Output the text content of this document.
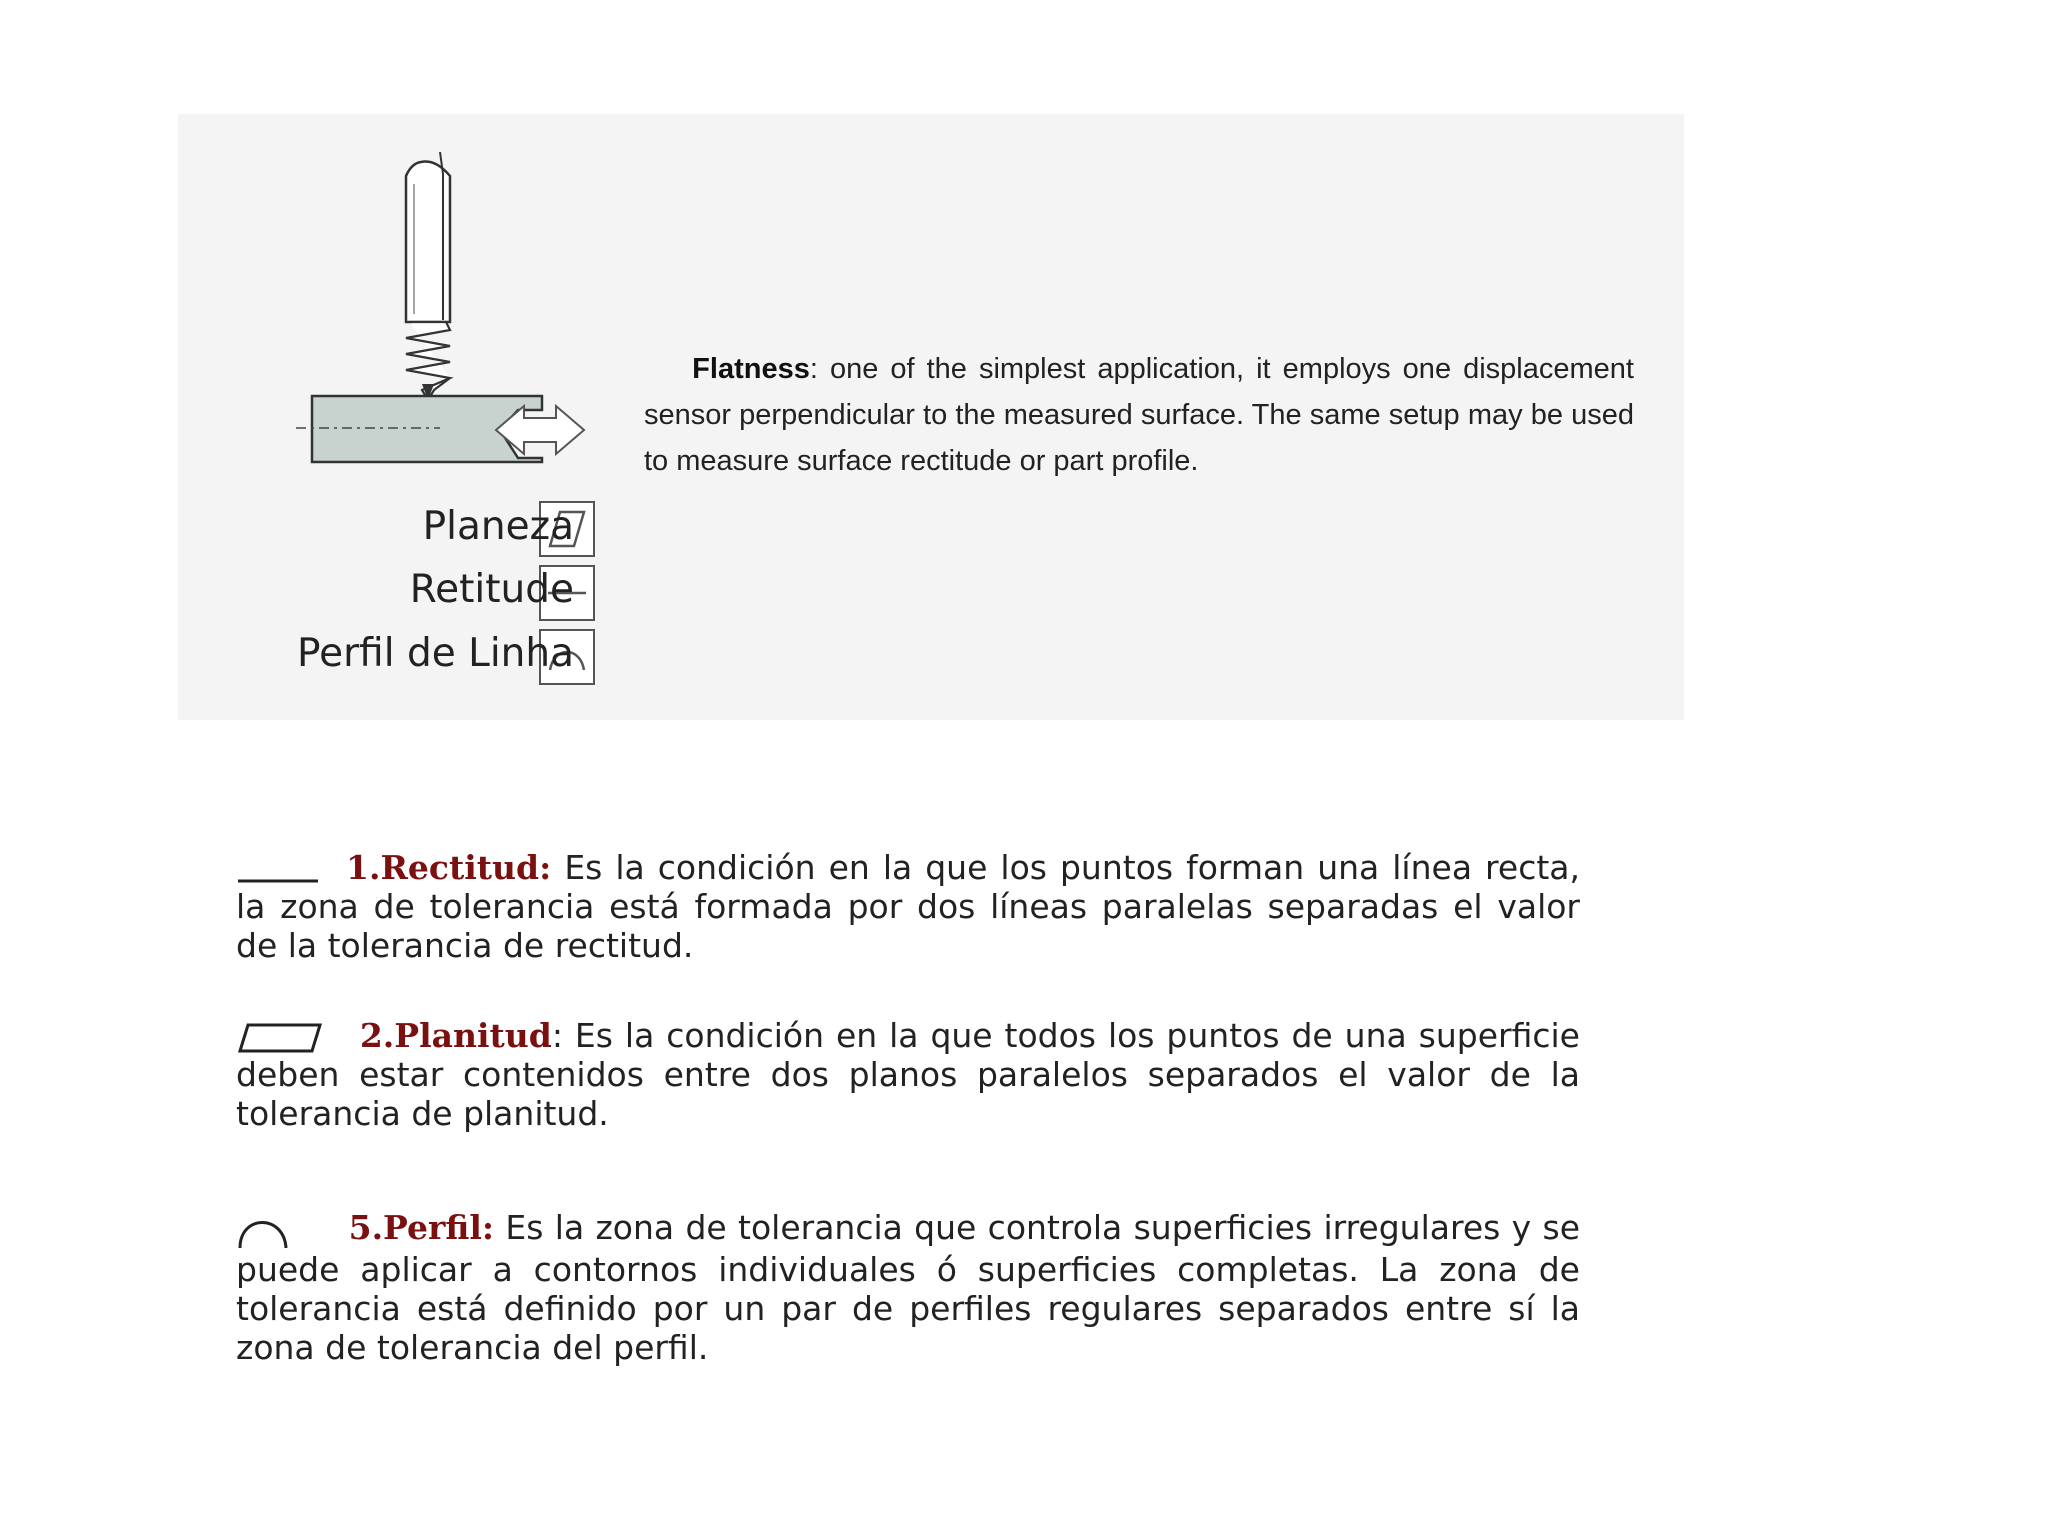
Planeza
Retitude
Perfil de Linha
Flatness: one of the simplest application, it employs one displacement sensor perpendicular to the measured surface. The same setup may be used to measure surface rectitude or part profile.
1.Rectitud: Es la condición en la que los puntos forman una línea recta, la zona de tolerancia está formada por dos líneas paralelas separadas el valor de la tolerancia de rectitud.
2.Planitud: Es la condición en la que todos los puntos de una superficie deben estar contenidos entre dos planos paralelos separados el valor de la tolerancia de planitud.
5.Perfil: Es la zona de tolerancia que controla superficies irregulares y se puede aplicar a contornos individuales ó superficies completas. La zona de tolerancia está definido por un par de perfiles regulares separados entre sí la zona de tolerancia del perfil.
